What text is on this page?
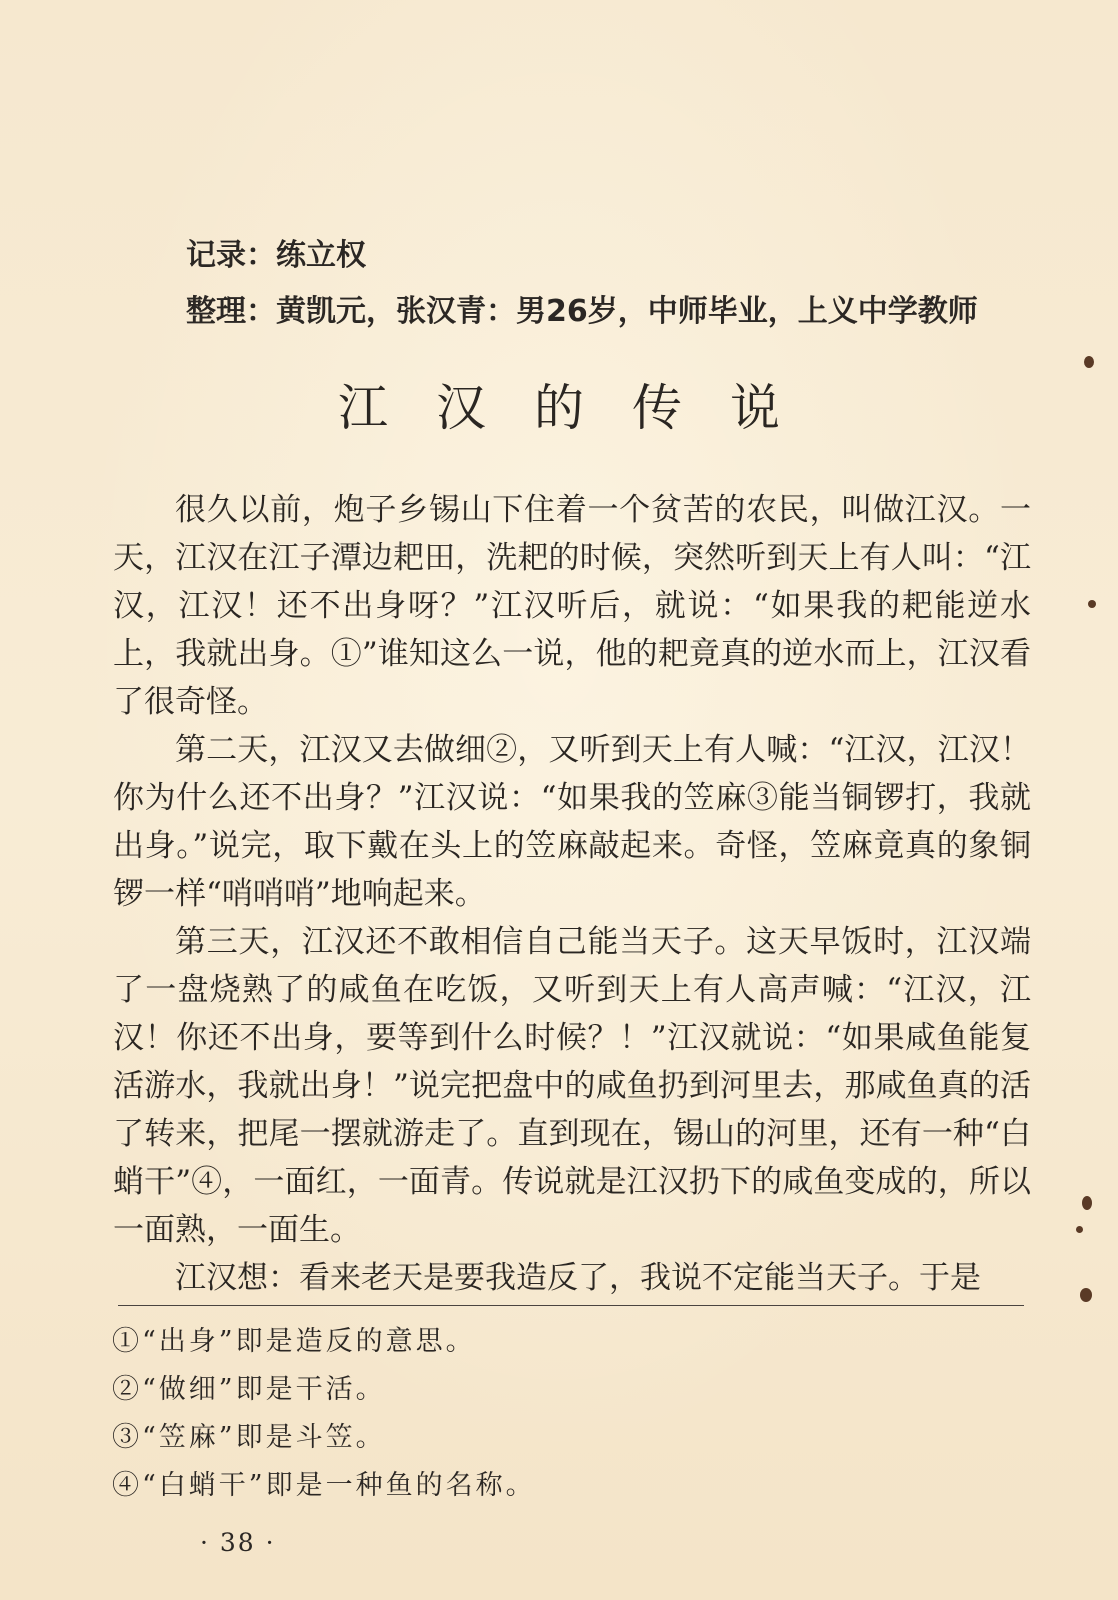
记录：练立权
整理：黄凯元，张汉青：男26岁，中师毕业，上义中学教师
江汉的传说

很久以前，炮子乡锡山下住着一个贫苦的农民，叫做江汉。一天，江汉在江子潭边耙田，洗耙的时候，突然听到天上有人叫：“江汉，江汉！还不出身呀？”江汉听后，就说：“如果我的耙能逆水上，我就出身。①”谁知这么一说，他的耙竟真的逆水而上，江汉看了很奇怪。

第二天，江汉又去做细②，又听到天上有人喊：“江汉，江汉！你为什么还不出身？”江汉说：“如果我的笠麻③能当铜锣打，我就出身。”说完，取下戴在头上的笠麻敲起来。奇怪，笠麻竟真的象铜锣一样“哨哨哨”地响起来。

第三天，江汉还不敢相信自己能当天子。这天早饭时，江汉端了一盘烧熟了的咸鱼在吃饭，又听到天上有人高声喊：“江汉，江汉！你还不出身，要等到什么时候？！”江汉就说：“如果咸鱼能复活游水，我就出身！”说完把盘中的咸鱼扔到河里去，那咸鱼真的活了转来，把尾一摆就游走了。直到现在，锡山的河里，还有一种“白蛸干”④，一面红，一面青。传说就是江汉扔下的咸鱼变成的，所以一面熟，一面生。

江汉想：看来老天是要我造反了，我说不定能当天子。于是

①“出身”即是造反的意思。
②“做细”即是干活。
③“笠麻”即是斗笠。
④“白蛸干”即是一种鱼的名称。
· 38 ·
